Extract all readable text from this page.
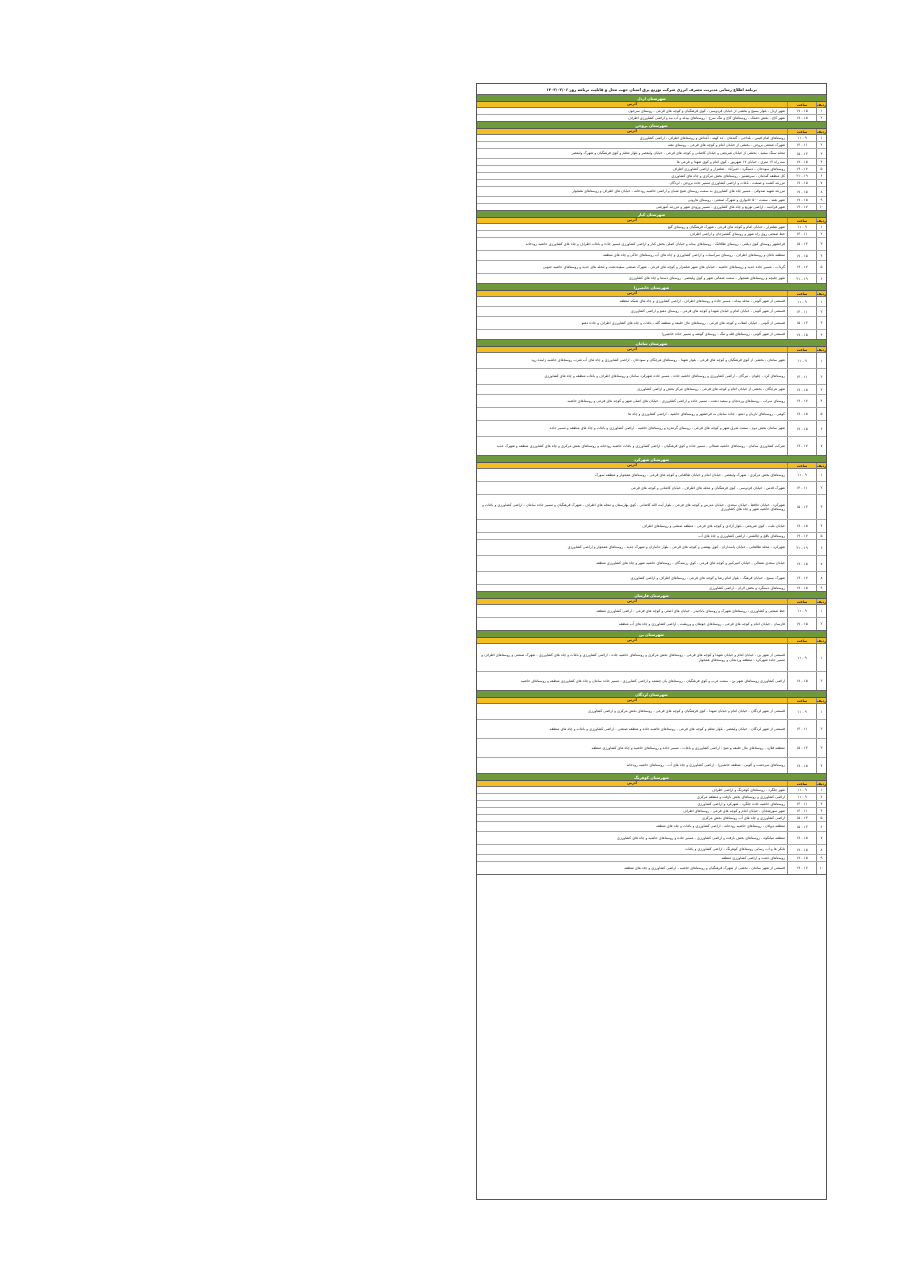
برنامه اطلاع رسانی مدیریت مصرف انرژی شرکت توزیع برق استان جهت محل و قابلیت برنامه روز ۱۴۰۲/۰۲/۰۶
شهرستان اردل
ردیف
ساعت
آدرس
۱
۱۵ - ۱۷
شهر اردل - بلوار بسیج و بخشی از خیابان فردوسی - کوی فرهنگیان و کوچه های فرعی - روستای سرخون
۲
۱۵ - ۱۷
شهر کاج - بخش دشتک - روستاهای کاج و تنگ سرخ - روستاهای بیدله و آب بید و اراضی کشاورزی اطراف
شهرستان بروجن
ردیف
ساعت
آدرس
۱
۹ - ۱۱
روستاهای امام قیس - بلداجی - گندمان - ده کهنه - آغداش و روستاهای اطراف - اراضی کشاورزی
۲
۱۱ - ۱۳
شهرک صنعتی بروجن - بخشی از خیابان امام و کوچه های فرعی - روستای نقنه
۳
۱۳ - ۱۵
محله سنگ سفید - بخشی از خیابان شریعتی و خیابان کاشانی و کوچه های فرعی - خیابان ولیعصر و بلوار معلم و کوی فرهنگیان و شهرک ولیعصر
۴
۱۵ - ۱۷
سه راه ۱۲ متری - خیابان ۱۷ شهریور - کوی امام و کوی شهدا و فرعی ها
۵
۱۷ - ۱۹
روستاهای سودجان - دستگرد - امیرآباد - شلمزار و اراضی کشاورزی اطراف
۶
۱۹ - ۲۱
کل منطقه گندمان - سرتشنیز - روستاهای بخش مرکزی و چاه های کشاورزی
۷
۱۵ - ۱۷
مزرعه کشت و صنعت - باغات و اراضی کشاورزی مسیر جاده بروجن - لردگان
۸
۱۵ - ۱۷
مزرعه شهید صدوقی - مسیر چاه های کشاورزی به سمت روستای شیخ شبان و اراضی حاشیه رودخانه - خیابان های اطراف و روستاهای همجوار
۹
۱۵ - ۱۷
شهر نقنه - سمت ۵۰۰ خانواری و شهرک صنعتی - روستای هارونی
۱۰
۱۷ - ۱۹
شهر فرادنبه - اراضی توزیع و چاه های کشاورزی - مسیر ورودی شهر و مزرعه آموزشی
شهرستان کیار
ردیف
ساعت
آدرس
۱
۹ - ۱۱
شهر شلمزار - خیابان امام و کوچه های فرعی - شهرک فرهنگیان و روستای گنج
۲
۱۱ - ۱۳
خط صنعتی روی راه شهر و روستای گشنیزجان و اراضی اطراف
۳
۱۳ - ۱۵
فرخشهر روستای کوی دیلمی - روستای طاقانک - روستاهای بیدله و خیابان اصلی بخش کیار و اراضی کشاورزی مسیر جاده و باغات اطراف و چاه های کشاورزی حاشیه رودخانه
۴
۱۵ - ۱۷
منطقه ناغان و روستاهای اطراف - روستای سرآسیاب و اراضی کشاورزی و چاه های آب روستاهای خاکی و چاه های منطقه
۵
۱۷ - ۱۹
گرداب - مسیر جاده جدید و روستاهای حاشیه - خیابان های شهر شلمزار و کوچه های فرعی - شهرک صنعتی سفیددشت و محله های جدید و روستاهای حاشیه جنوبی
۶
۱۹ - ۲۱
شهر چلیچه و روستاهای همجوار - سمت شمالی شهر و کوی ولیعصر - روستای دستنا و چاه های کشاورزی
شهرستان خانمیرزا
ردیف
ساعت
آدرس
۱
۹ - ۱۱
قسمتی از شهر آلونی - محله بیدله - مسیر جاده و روستاهای اطراف - اراضی کشاورزی و چاه های شبکه منطقه
۲
۱۱ - ۱۳
قسمتی از شهر آلونی - خیابان امام و خیابان شهدا و کوچه های فرعی - روستای دهنو و اراضی کشاورزی
۳
۱۳ - ۱۵
قسمتی از آلونی - خیابان انقلاب و کوچه های فرعی - روستاهای مال خلیفه و منطقه گله - باغات و چاه های کشاورزی اطراف و جاده دهنو
۴
۱۵ - ۱۷
قسمتی از شهر آلونی - روستاهای قله و تنگ - روستای گوشه و مسیر جاده خانمیرزا
شهرستان سامان
ردیف
ساعت
آدرس
۱
۹ - ۱۱
شهر سامان - بخشی از کوی فرهنگیان و کوچه های فرعی - بلوار شهدا - روستاهای هرچگان و سودجان - اراضی کشاورزی و چاه های آب شرب روستاهای حاشیه زاینده رود
۲
۱۱ - ۱۳
روستاهای کرد - چلوان - تیرگان - اراضی کشاورزی و روستاهای حاشیه جاده - مسیر جاده شهرکرد سامان و روستاهای اطراف و باغات منطقه و چاه های کشاورزی
۳
۱۵ - ۱۷
شهر هرچگان - بخشی از خیابان امام و کوچه های فرعی - روستاهای مرکز بخش و اراضی کشاورزی
۴
۱۷ - ۱۹
روستای سراب - روستاهای وردنجان و سفید دشت - مسیر جاده و اراضی کشاورزی - خیابان های اصلی شهر و کوچه های فرعی و روستاهای حاشیه
۵
۱۵ - ۱۷
کوهی - روستاهای تازیان و دهنو - جاده سامان به فرخشهر و روستاهای حاشیه - اراضی کشاورزی و چاه ها
۶
۱۵ - ۱۷
شهر سامان بخش دوم - سمت شرق شهر و کوچه های فرعی - روستای گرمدره و روستاهای حاشیه - اراضی کشاورزی و باغات و چاه های منطقه و مسیر جاده
۷
۱۷ - ۱۹
شرکت کشاورزی سامان - روستاهای حاشیه شمالی - مسیر جاده و کوی فرهنگیان - اراضی کشاورزی و باغات حاشیه رودخانه و روستاهای بخش مرکزی و چاه های کشاورزی منطقه و شهرک جدید
شهرستان شهرکرد
ردیف
ساعت
آدرس
۱
۹ - ۱۱
روستاهای بخش مرکزی - شهرک ولیعصر - خیابان امام و خیابان طالقانی و کوچه های فرعی - روستاهای همجوار و منطقه سورک
۲
۱۱ - ۱۳
شهرک قدس - خیابان فردوسی - کوی فرهنگیان و محله های اطراف - خیابان کاشانی و کوچه های فرعی
۳
۱۳ - ۱۵
شهرکرد - خیابان حافظ - خیابان سعدی - خیابان مدرس و کوچه های فرعی - بلوار آیت الله کاشانی - کوی بهارستان و محله های اطراف - شهرک فرهنگیان و مسیر جاده سامان - اراضی کشاورزی و باغات و روستاهای حاشیه شهر و چاه های کشاورزی
۴
۱۵ - ۱۷
خیابان ملت - کوی شریعتی - بلوار آزادی و کوچه های فرعی - منطقه صنعتی و روستاهای اطراف
۵
۱۷ - ۱۹
روستاهای نافچ و چالشتر - اراضی کشاورزی و چاه های آب
۶
۱۹ - ۲۱
شهرکرد - محله طالقانی - خیابان پاسداران - کوی بهشتی و کوچه های فرعی - بلوار جانبازان و شهرک جدید - روستاهای همجوار و اراضی کشاورزی
۷
۱۵ - ۱۷
خیابان سعدی شمالی - خیابان امیرکبیر و کوچه های فرعی - کوی رزمندگان - روستاهای حاشیه شهر و چاه های کشاورزی منطقه
۸
۱۷ - ۱۹
شهرک بسیج - خیابان فرهنگ - بلوار امام رضا و کوچه های فرعی - روستاهای اطراف و اراضی کشاورزی
۹
۱۵ - ۱۷
روستاهای دستگرد و بخش لاران - اراضی کشاورزی
شهرستان فارسان
ردیف
ساعت
آدرس
۱
۹ - ۱۱
خط صنعتی و کشاورزی - روستاهای شهرک و روستای باباحیدر - خیابان های اصلی و کوچه های فرعی - اراضی کشاورزی منطقه
۲
۱۵ - ۱۷
فارسان - خیابان امام و کوچه های فرعی - روستاهای جونقان و ورپشت - اراضی کشاورزی و چاه های آب منطقه
شهرستان بن
ردیف
ساعت
آدرس
۱
۹ - ۱۱
قسمتی از شهر بن - خیابان امام و خیابان شهدا و کوچه های فرعی - روستاهای بخش مرکزی و روستاهای حاشیه جاده - اراضی کشاورزی و باغات و چاه های کشاورزی - شهرک صنعتی و روستاهای اطراف و مسیر جاده شهرکرد - منطقه وردنجان و روستاهای همجوار
۲
۱۵ - ۱۷
اراضی کشاورزی روستاهای شهر بن - سمت غرب و کوی فرهنگیان - روستاهای یان چشمه و اراضی کشاورزی - مسیر جاده سامان و چاه های کشاورزی منطقه و روستاهای حاشیه
شهرستان لردگان
ردیف
ساعت
آدرس
۱
۹ - ۱۱
قسمتی از شهر لردگان - خیابان امام و خیابان شهدا - کوی فرهنگیان و کوچه های فرعی - روستاهای بخش مرکزی و اراضی کشاورزی
۲
۱۱ - ۱۳
قسمتی از شهر لردگان - خیابان ولیعصر - بلوار معلم و کوچه های فرعی - روستاهای حاشیه جاده و منطقه صنعتی - اراضی کشاورزی و باغات و چاه های منطقه
۳
۱۳ - ۱۵
منطقه فلارد - روستاهای مال خلیفه و منج - اراضی کشاورزی و باغات - مسیر جاده و روستاهای حاشیه و چاه های کشاورزی منطقه
۴
۱۵ - ۱۷
روستاهای سردشت و آلونی - منطقه خانمیرزا - اراضی کشاورزی و چاه های آب - روستاهای حاشیه رودخانه
شهرستان کوهرنگ
ردیف
ساعت
آدرس
۱
۹ - ۱۱
شهر چلگرد - روستاهای کوهرنگ و اراضی اطراف
۲
۹ - ۱۱
اراضی کشاورزی و روستاهای بخش بازفت و منطقه مرکزی
۳
۱۱ - ۱۳
روستاهای حاشیه جاده چلگرد - شهرکرد و اراضی کشاورزی
۴
۱۱ - ۱۳
شهر سورشجان - خیابان امام و کوچه های فرعی - روستاهای اطراف
۵
۱۳ - ۱۵
اراضی کشاورزی و چاه های آب روستاهای بخش مرکزی
۶
۱۳ - ۱۵
منطقه دوپلان - روستاهای حاشیه رودخانه - اراضی کشاورزی و باغات و چاه های منطقه
۷
۱۵ - ۱۷
منطقه میانکوه - روستاهای بخش بازفت و اراضی کشاورزی - مسیر جاده و روستاهای حاشیه و چاه های کشاورزی
۸
۱۵ - ۱۷
تانکر ها و آب رسانی روستاهای کوهرنگ - اراضی کشاورزی و باغات
۹
۱۵ - ۱۷
روستاهای دشت و اراضی کشاورزی منطقه
۱۰
۱۷ - ۱۹
قسمتی از شهر سامان - بخشی از شهرک فرهنگیان و روستاهای حاشیه - اراضی کشاورزی و چاه های منطقه
